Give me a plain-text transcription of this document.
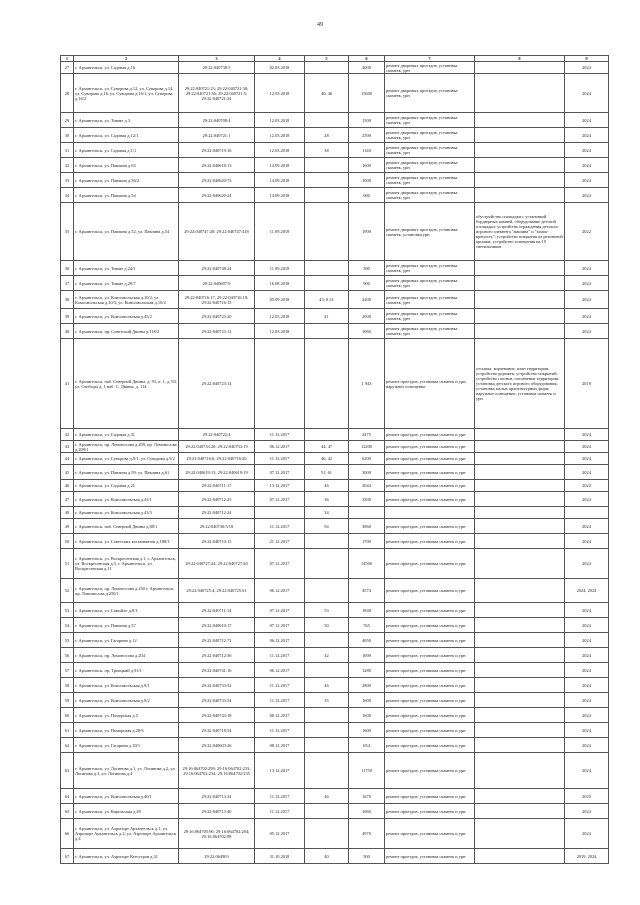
49
1	2	3	4	5	6	7	8	9
27	г. Архангельск, ул. Садовая д.16	29:22:040738:5	02.03.2018		4000	ремонт дворовых проездов, установка скамеек, урн		2024
28	г. Архангельск, ул. Суворова д.12, ул. Суворова д.14, ул. Суворова д.16, ул. Суворова д.16/1, ул. Суворова д.16/2	29:22:040721:23; 29:22:040721:30; 29:22:040721:36; 29:22:040721:5; 29:22:040721:24	12.03.2018	40, 46	15600	ремонт дворовых проездов, установка скамеек, урн		2024
29	г. Архангельск, ул. Тимме д.3	29:22:040708:4	12.03.2018		1500	ремонт дворовых проездов, установка скамеек, урн		2024
30	г. Архангельск, ул. Садовая д.12/1	29:22:040721:1	12.03.2018	28	2500	ремонт дворовых проездов, установка скамеек, урн		2024
31	г. Архангельск, ул. Садовая д.1/1	29:22:040719:16	12.03.2018	38	1140	ремонт дворовых проездов, установка скамеек, урн		2024
32	г. Архангельск, ул. Павлина д.63	29:22:040618:13	14.09.2018		1600	ремонт дворовых проездов, установка скамеек, урн		2024
33	г. Архангельск, ул. Павлина д.56/2	29:22:040620:73	14.09.2018		1000	ремонт дворовых проездов, установка скамеек, урн		2024
34	г. Архангельск, ул. Павлина д.54	29:22:040620:24	14.09.2018		600	ремонт дворовых проездов, установка скамеек, урн		2024
35	г. Архангельск, ул. Павлина д.52; ул. Павлина д.54	29:22:040747:20; 29:22:040747:418	11.09.2018		1900	ремонт дворовых проездов; установка скамеек, установка урн	обустройство площадки с установкой бордюрных камней, оборудование детской площадки: устройство ограждения детского игрового элемента "машина" и "замок-крепость"; устройство покрытия из резиновой крошки; устройство освещения на 10 светильников	2022
36	г. Архангельск, ул. Тимме д.24/1	29:22:040748:24	11.09.2018		500	ремонт дворовых проездов, установка скамеек, урн		2024
37	г. Архангельск, ул. Тимме д.20/7	29:22:040607:9	16.08.2018		900	ремонт дворовых проездов, установка скамеек, урн		2024
38	г. Архангельск, ул. Комсомольская д.10/2; ул. Комсомольская д.10/3; ул. Комсомольская д.10/4	29:22:040716:17; 29:22:040716:18; 29:22:040716:15	05.09.2018	43; 0.31	2200	ремонт дворовых проездов, установка скамеек, урн		2024
39	г. Архангельск, ул. Комсомольская д.45/2	29:22:040723:20	12.03.2018	41	2000	ремонт дворовых проездов, установка скамеек, урн		2024
40	г. Архангельск, пр. Советский Двины д.118/2	29:22:040723:12	12.03.2018		1060	ремонт дворовых проездов, установка скамеек, урн		2024
41	г. Архангельск, наб. Северной Двины, д. 93, к. 1, д. 93, ул. Свободы д. 1 наб. С. Двины, д. 114	29:22:040723:14			1 943	ремонт проездов, установка скамеек и урн, наружное освещение	отсыпка, корчевание, план территории, устройство дорожек; устройство покрытий, устройство газонов, озеленение территории, установка детского игрового оборудования, установка малых архитектурных форм, наружное освещение, установка скамеек и урн	2018
42	г. Архангельск, ул. Садовая д.31	29:22:040722:4	11.12.2017		2475	ремонт проездов, установка скамеек и урн		2024
43	г. Архангельск, пр. Ломоносова д.209, пр. Ломоносова д.209/1	29:22:040733:20; 29:22:040733:19	06.12.2017	44, 47	12200	ремонт проездов, установка скамеек и урн		2024
44	г. Архангельск, ул. Суворова д.9/1; ул. Суворова д.9/2	29:22:040716:6; 29:22:040716:26	11.12.2017	46, 42	6200	ремонт проездов, установка скамеек и урн		2024
45	г. Архангельск, ул. Павлина д.59; ул. Павлина д.61	29:22:040619:13; 29:22:040619:19	07.12.2017	51, 61	3000	ремонт проездов, установка скамеек и урн		2024
46	г. Архангельск, ул. Садовая д.21	29:22:040711:17	13.12.2017	46	2044	ремонт проездов, установка скамеек и урн		2022
47	г. Архангельск, ул. Комсомольская д.43/1	29:22:040712:25	07.12.2017	36	3300	ремонт проездов, установка скамеек и урн		2024
48	г. Архангельск, ул. Комсомольская д.43/3	29:22:040712:24		34				
49	г. Архангельск, наб. Северной Двины д.88/1	29:22:040730:5/18	11.12.2017	94	3860	ремонт проездов, установка скамеек и урн		2024
50	г. Архангельск, ул. Советских космонавтов д.188/1	29:22:040710:15	21.12.2017		1700	ремонт проездов, установка скамеек и урн		2024
51	г. Архангельск, ул. Воскресенская д.1, г. Архангельск, ул. Воскресенская д.3, г. Архангельск, ул. Воскресенская д.11	29:22:040727:24; 29:22:040727:20	07.12.2017		14500	ремонт проездов, установка скамеек и урн		2024
52	г. Архангельск, пр. Ломоносова д.250 г. Архангельск, пр. Ломоносова д.250/1	29:22:040725:4; 29:22:040725:61	06.12.2017		4574	ремонт проездов, установка скамеек и урн		2024, 2024
53	г. Архангельск, ул. Самойло д.8/1	29:22:040711:14	07.12.2017	53	1840	ремонт проездов, установка скамеек и урн		2024
54	г. Архангельск, ул. Павлина д.57	29:22:040610:17	07.12.2017	50	765	ремонт проездов, установка скамеек и урн		2024
55	г. Архангельск, ул. Гагарина д.12	29:22:040712:72	06.12.2017		4650	ремонт проездов, установка скамеек и урн		2024
56	г. Архангельск, пр. Ломоносова д.204	29:22:040712:56	11.12.2017	42	1690	ремонт проездов, установка скамеек и урн		2024
57	г. Архангельск, пр. Троицкий д.91/1	29:22:040741:16	06.12.2017		1280	ремонт проездов, установка скамеек и урн		2024
58	г. Архангельск, ул. Комсомольская д.9/1	29:22:040733:52	11.12.2017	46	2800	ремонт проездов, установка скамеек и урн		2024
59	г. Архангельск, ул. Комсомольская д.9/2	29:22:040733:54	11.12.2017	35	1600	ремонт проездов, установка скамеек и урн		2024
60	г. Архангельск, ул. Поморская д.5	29:22:040743:18	08.12.2017		1600	ремонт проездов, установка скамеек и урн		2024
61	г. Архангельск, ул. Поморская д.28/3	29:22:040718:54	11.12.2017		1600	ремонт проездов, установка скамеек и урн		2024
62	г. Архангельск, ул. Гагарина д.39/1	29:22:040603:26	08.12.2017		654	ремонт проездов, установка скамеек и урн		2024
63	г. Архангельск, ул. Логинова д.1, ул. Логинова д.2, ул. Логинова д.3, ул. Логинова д.4	29:16:064702:299; 29:16:064702:233; 29:16:064702:234; 29:16:064702:235	13.12.2017		11750	ремонт проездов, установка скамеек и урн		2024
64	г. Архангельск, ул. Комсомольская д.40/1	29:22:040713:34	11.12.2017	46	1670	ремонт проездов, установка скамеек и урн		2025
65	г. Архангельск, ул. Карельская д.49	29:22:040713:40	11.12.2017		1660	ремонт проездов, установка скамеек и урн		2024
66	г. Архангельск, ул. Аэропорт Архангельск д.1; ул. Аэропорт Архангельск д.2; ул. Аэропорт Архангельск д.4	29:16:064705:96; 29:16:064702:204; 29:16:064702:98	05.12.2017		4970	ремонт проездов, установка скамеек и урн		2024
67	г. Архангельск, ул. Аэропорт Кегостров д.31	29:22:064903	31.10.2018	40	500	ремонт проездов, установка скамеек и урн		2019, 2024
